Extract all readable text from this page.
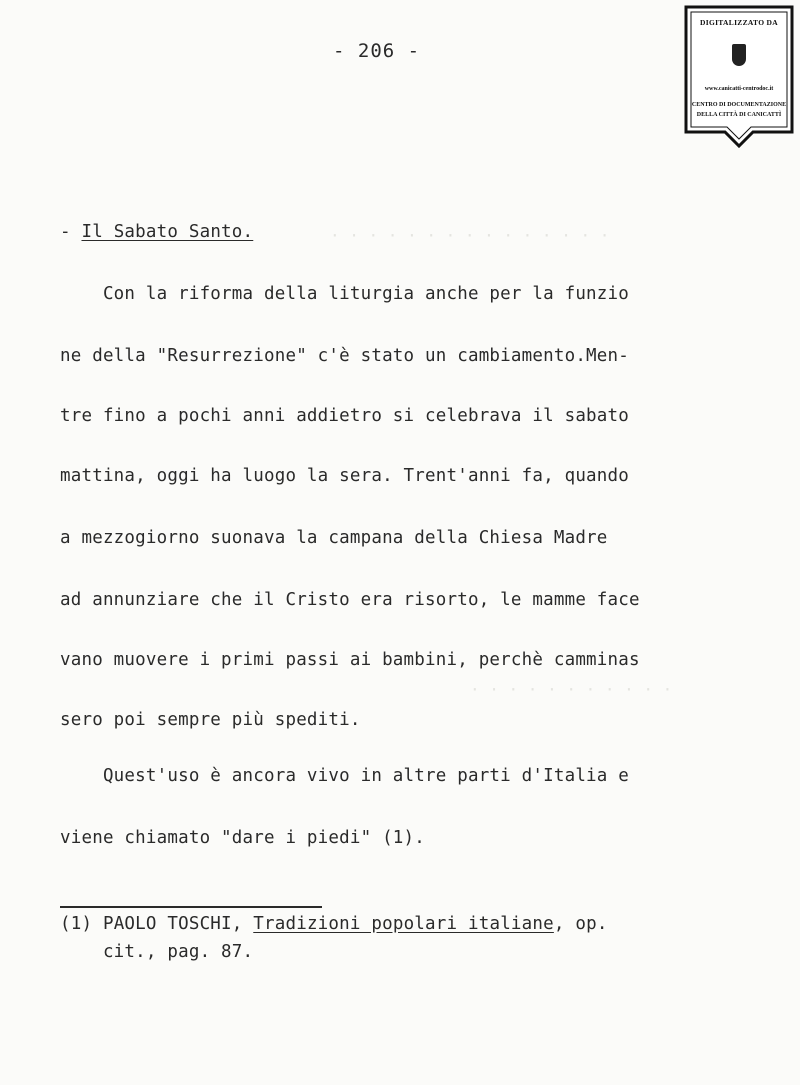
- 206 -
DIGITALIZZATO DA
www.canicatti-centrodoc.it
CENTRO DI DOCUMENTAZIONE
DELLA CITTÀ DI CANICATTÌ
· · · · · · · · · · · · · · ·
· · · · · · · · · · ·
- Il Sabato Santo.
Con la riforma della liturgia anche per la funzio
ne della "Resurrezione" c'è stato un cambiamento.Men-
tre fino a pochi anni addietro si celebrava il sabato
mattina, oggi ha luogo la sera. Trent'anni fa, quando
a mezzogiorno suonava la campana della Chiesa Madre
ad annunziare che il Cristo era risorto, le mamme face
vano muovere i primi passi ai bambini, perchè camminas
sero poi sempre più spediti.
Quest'uso è ancora vivo in altre parti d'Italia e
viene chiamato "dare i piedi" (1).
(1) PAOLO TOSCHI, Tradizioni popolari italiane, op.
cit., pag. 87.
